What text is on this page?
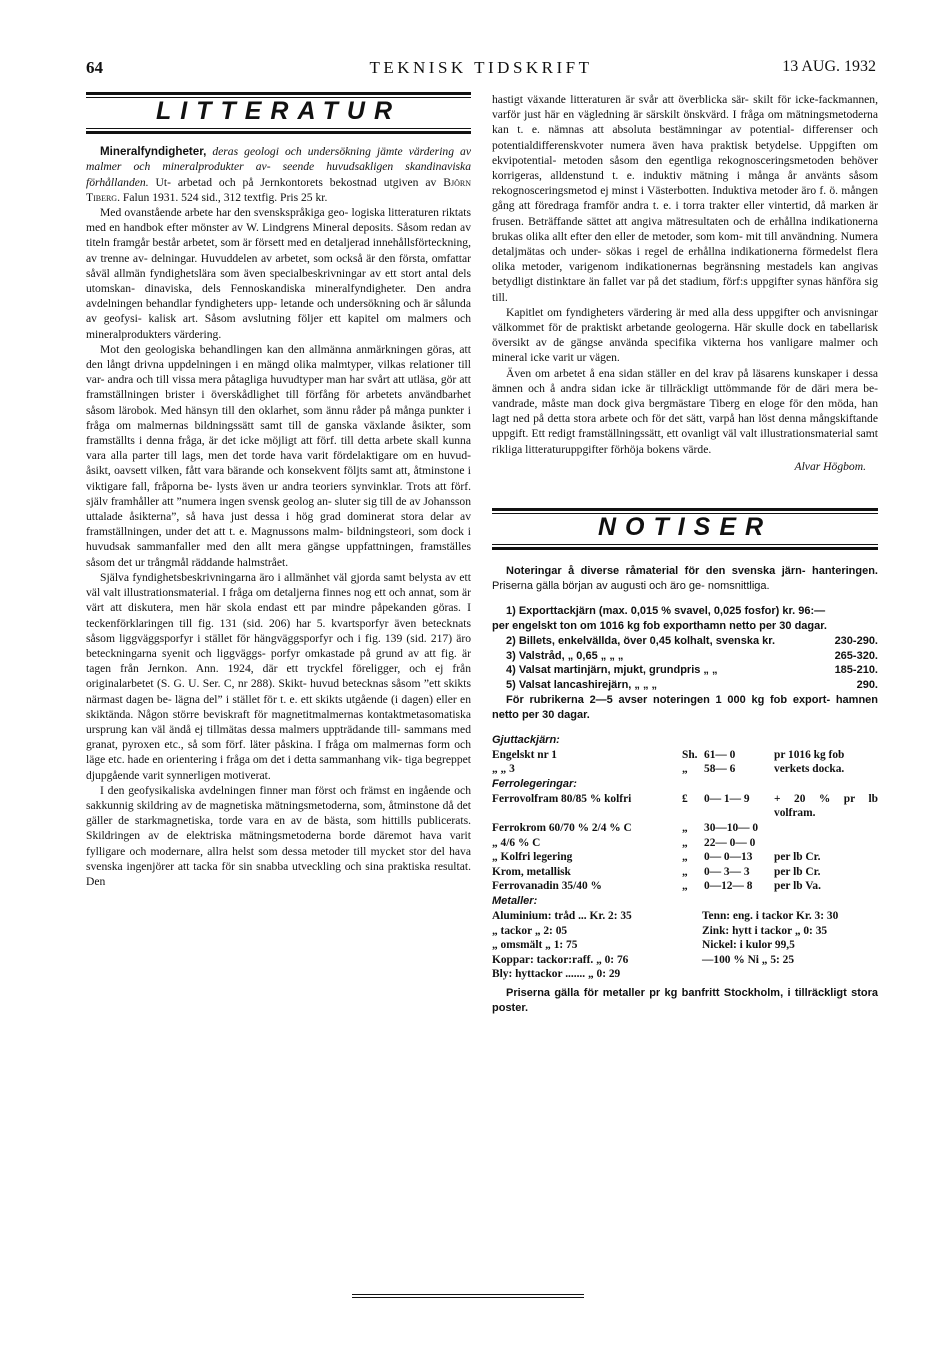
64	TEKNISK TIDSKRIFT	13 AUG. 1932
LITTERATUR

Mineralfyndigheter, deras geologi och undersökning jämte värdering av malmer och mineralprodukter av- seende huvudsakligen skandinaviska förhållanden. Ut- arbetad och på Jernkontorets bekostnad utgiven av Björn Tiberg. Falun 1931. 524 sid., 312 textfig. Pris 25 kr.

Med ovanstående arbete har den svenskspråkiga geo- logiska litteraturen riktats med en handbok efter mönster av W. Lindgrens Mineral deposits. Såsom redan av titeln framgår består arbetet, som är försett med en detaljerad innehållsförteckning, av trenne av- delningar. Huvuddelen av arbetet, som också är den första, omfattar såväl allmän fyndighetslära som även specialbeskrivningar av ett stort antal dels utomskan- dinaviska, dels Fennoskandiska mineralfyndigheter. Den andra avdelningen behandlar fyndigheters upp- letande och undersökning och är sålunda av geofysi- kalisk art. Såsom avslutning följer ett kapitel om malmers och mineralprodukters värdering.

Mot den geologiska behandlingen kan den allmänna anmärkningen göras, att den långt drivna uppdelningen i en mängd olika malmtyper, vilkas relationer till var- andra och till vissa mera påtagliga huvudtyper man har svårt att utläsa, gör att framställningen brister i överskådlighet till förfång för arbetets användbarhet såsom lärobok. Med hänsyn till den oklarhet, som ännu råder på många punkter i fråga om malmernas bildningssätt samt till de ganska växlande åsikter, som framställts i denna fråga, är det icke möjligt att förf. till detta arbete skall kunna vara alla parter till lags, men det torde hava varit fördelaktigare om en huvud- åsikt, oavsett vilken, fått vara bärande och konsekvent följts samt att, åtminstone i viktigare fall, fråporna be- lysts även ur andra teoriers synvinklar. Trots att förf. själv framhåller att ”numera ingen svensk geolog an- sluter sig till de av Johansson uttalade åsikterna”, så hava just dessa i hög grad dominerat stora delar av framställningen, under det att t. e. Magnussons malm- bildningsteori, som dock i huvudsak sammanfaller med den allt mera gängse uppfattningen, framställes såsom det ur trångmål räddande halmstrået.

Själva fyndighetsbeskrivningarna äro i allmänhet väl gjorda samt belysta av ett väl valt illustrationsmaterial. I fråga om detaljerna finnes nog ett och annat, som är värt att diskutera, men här skola endast ett par mindre påpekanden göras. I teckenförklaringen till fig. 131 (sid. 206) har 5. kvartsporfyr även betecknats såsom liggväggsporfyr i stället för hängväggsporfyr och i fig. 139 (sid. 217) äro beteckningarna syenit och liggväggs- porfyr omkastade på grund av att fig. är tagen från Jernkon. Ann. 1924, där ett tryckfel föreligger, och ej från originalarbetet (S. G. U. Ser. C, nr 288). Skikt- huvud betecknas såsom ”ett skikts närmast dagen be- lägna del” i stället för t. e. ett skikts utgående (i dagen) eller en skiktända. Någon större beviskraft för magnetitmalmernas kontaktmetasomatiska ursprung kan väl ändå ej tillmätas dessa malmers uppträdande till- sammans med granat, pyroxen etc., så som förf. läter påskina. I fråga om malmernas form och läge etc. hade en orientering i fråga om det i detta sammanhang vik- tiga begreppet djupgående varit synnerligen motiverat.

I den geofysikaliska avdelningen finner man först och främst en ingående och sakkunnig skildring av de magnetiska mätningsmetoderna, som, åtminstone då det gäller de starkmagnetiska, torde vara en av de bästa, som hittills publicerats. Skildringen av de elektriska mätningsmetoderna borde däremot hava varit fylligare och modernare, allra helst som dessa metoder till mycket stor del hava svenska ingenjörer att tacka för sin snabba utveckling och sina praktiska resultat. Den

hastigt växande litteraturen är svår att överblicka sär- skilt för icke-fackmannen, varför just här en vägledning är särskilt önskvärd. I fråga om mätningsmetoderna kan t. e. nämnas att absoluta bestämningar av potential- differenser och potentialdifferenskvoter numera även hava praktisk betydelse. Uppgiften om ekvipotential- metoden såsom den egentliga rekognosceringsmetoden behöver korrigeras, alldenstund t. e. induktiv mätning i många år använts såsom rekognosceringsmetod ej minst i Västerbotten. Induktiva metoder äro f. ö. mången gång att föredraga framför andra t. e. i torra trakter eller vintertid, då marken är frusen. Beträffande sättet att angiva mätresultaten och de erhållna indikationerna brukas olika allt efter den eller de metoder, som kom- mit till användning. Numera detaljmätas och under- sökas i regel de erhållna indikationerna förmedelst flera olika metoder, varigenom indikationernas begränsning mestadels kan angivas betydligt distinktare än fallet var på det stadium, förf:s uppgifter synas hänföra sig till.

Kapitlet om fyndigheters värdering är med alla dess uppgifter och anvisningar välkommet för de praktiskt arbetande geologerna. Här skulle dock en tabellarisk översikt av de gängse använda specifika vikterna hos vanligare malmer och mineral icke varit ur vägen.

Även om arbetet å ena sidan ställer en del krav på läsarens kunskaper i dessa ämnen och å andra sidan icke är tillräckligt uttömmande för de däri mera be- vandrade, måste man dock giva bergmästare Tiberg en eloge för den möda, han lagt ned på detta stora arbete och för det sätt, varpå han löst denna mångskiftande uppgift. Ett redigt framställningssätt, ett ovanligt väl valt illustrationsmaterial samt rikliga litteraturuppgifter förhöja bokens värde.

Alvar Högbom.
NOTISER

Noteringar å diverse råmaterial för den svenska järn- hanteringen. Priserna gälla början av augusti och äro ge- nomsnittliga.

1) Exporttackjärn (max. 0,015 % svavel, 0,025 fosfor) kr. 96:—

per engelskt ton om 1016 kg fob exporthamn netto per 30 dagar.

2) Billets, enkelvällda, över 0,45 kolhalt, svenska kr.	230-290.
3) Valstråd, „ 0,65 „ „ „	265-320.
4) Valsat martinjärn, mjukt, grundpris „ „	185-210.
5) Valsat lancashirejärn, „ „ „	290.

För rubrikerna 2—5 avser noteringen 1 000 kg fob export- hamnen netto per 30 dagar.

Gjuttackjärn:
Engelskt nr 1	Sh.	61— 0	pr 1016 kg fob
„ „ 3	„	58— 6	verkets docka.
Ferrolegeringar:
Ferrovolfram 80/85 % kolfri	£	0— 1— 9	+ 20 % pr lb volfram.
Ferrokrom 60/70 % 2/4 % C	„	30—10— 0	
„ 4/6 % C	„	22— 0— 0	
„ Kolfri legering	„	0— 0—13	per lb Cr.
Krom, metallisk	„	0— 3— 3	per lb Cr.
Ferrovanadin 35/40 %	„	0—12— 8	per lb Va.
Metaller:
Aluminium: tråd ... Kr. 2: 35	Tenn: eng. i tackor Kr. 3: 30
„ tackor „ 2: 05	Zink: hytt i tackor „ 0: 35
„ omsmält „ 1: 75	Nickel: i kulor 99,5
Koppar: tackor:raff. „ 0: 76	—100 % Ni „ 5: 25
Bly: hyttackor ....... „ 0: 29	

Priserna gälla för metaller pr kg banfritt Stockholm, i tillräckligt stora poster.
